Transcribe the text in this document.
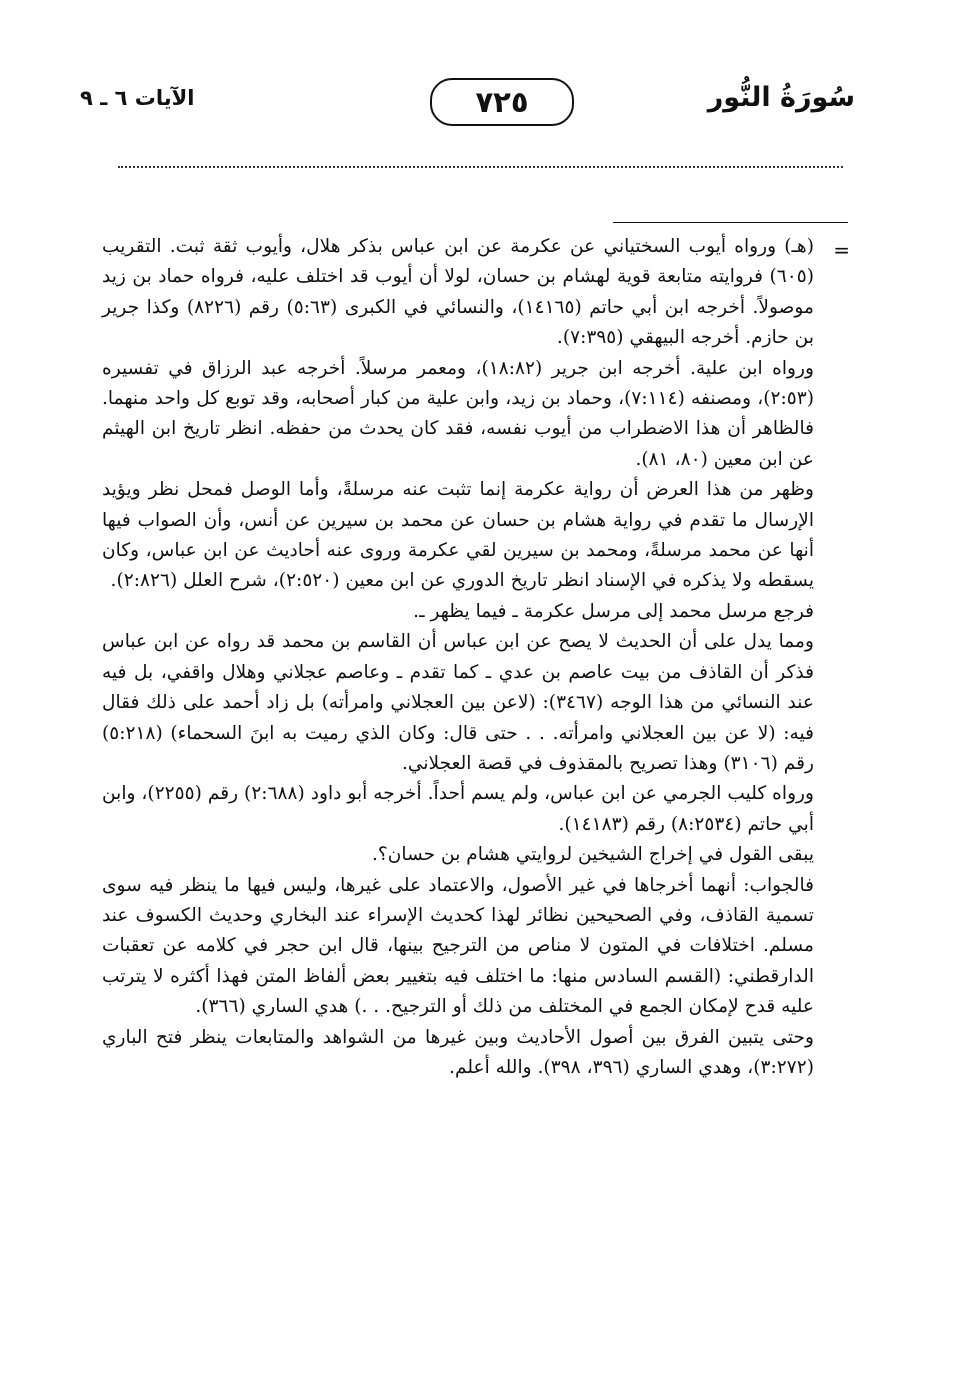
سُورَةُ النُّور
٧٢٥
الآيات ٦ ـ ٩
=

(هـ) ورواه أيوب السختياني عن عكرمة عن ابن عباس بذكر هلال، وأيوب ثقة ثبت. التقريب (٦٠٥) فروايته متابعة قوية لهشام بن حسان، لولا أن أيوب قد اختلف عليه، فرواه حماد بن زيد موصولاً. أخرجه ابن أبي حاتم (١٤١٦٥)، والنسائي في الكبرى (٥:٦٣) رقم (٨٢٢٦) وكذا جرير بن حازم. أخرجه البيهقي (٧:٣٩٥).

ورواه ابن علية. أخرجه ابن جرير (١٨:٨٢)، ومعمر مرسلاً. أخرجه عبد الرزاق في تفسيره (٢:٥٣)، ومصنفه (٧:١١٤)، وحماد بن زيد، وابن علية من كبار أصحابه، وقد توبع كل واحد منهما. فالظاهر أن هذا الاضطراب من أيوب نفسه، فقد كان يحدث من حفظه. انظر تاريخ ابن الهيثم عن ابن معين (٨٠، ٨١).

وظهر من هذا العرض أن رواية عكرمة إنما تثبت عنه مرسلةً، وأما الوصل فمحل نظر ويؤيد الإرسال ما تقدم في رواية هشام بن حسان عن محمد بن سيرين عن أنس، وأن الصواب فيها أنها عن محمد مرسلةً، ومحمد بن سيرين لقي عكرمة وروى عنه أحاديث عن ابن عباس، وكان يسقطه ولا يذكره في الإسناد انظر تاريخ الدوري عن ابن معين (٢:٥٢٠)، شرح العلل (٢:٨٢٦).

فرجع مرسل محمد إلى مرسل عكرمة ـ فيما يظهر ـ.

ومما يدل على أن الحديث لا يصح عن ابن عباس أن القاسم بن محمد قد رواه عن ابن عباس فذكر أن القاذف من بيت عاصم بن عدي ـ كما تقدم ـ وعاصم عجلاني وهلال واقفي، بل فيه عند النسائي من هذا الوجه (٣٤٦٧): (لاعن بين العجلاني وامرأته) بل زاد أحمد على ذلك فقال فيه: (لا عن بين العجلاني وامرأته. . . حتى قال: وكان الذي رميت به ابنَ السحماء) (٥:٢١٨) رقم (٣١٠٦) وهذا تصريح بالمقذوف في قصة العجلاني.

ورواه كليب الجرمي عن ابن عباس، ولم يسم أحداً. أخرجه أبو داود (٢:٦٨٨) رقم (٢٢٥٥)، وابن أبي حاتم (٨:٢٥٣٤) رقم (١٤١٨٣).

يبقى القول في إخراج الشيخين لروايتي هشام بن حسان؟.

فالجواب: أنهما أخرجاها في غير الأصول، والاعتماد على غيرها، وليس فيها ما ينظر فيه سوى تسمية القاذف، وفي الصحيحين نظائر لهذا كحديث الإسراء عند البخاري وحديث الكسوف عند مسلم. اختلافات في المتون لا مناص من الترجيح بينها، قال ابن حجر في كلامه عن تعقبات الدارقطني: (القسم السادس منها: ما اختلف فيه بتغيير بعض ألفاظ المتن فهذا أكثره لا يترتب عليه قدح لإمكان الجمع في المختلف من ذلك أو الترجيح. . .) هدي الساري (٣٦٦).

وحتى يتبين الفرق بين أصول الأحاديث وبين غيرها من الشواهد والمتابعات ينظر فتح الباري (٣:٢٧٢)، وهدي الساري (٣٩٦، ٣٩٨). والله أعلم.
